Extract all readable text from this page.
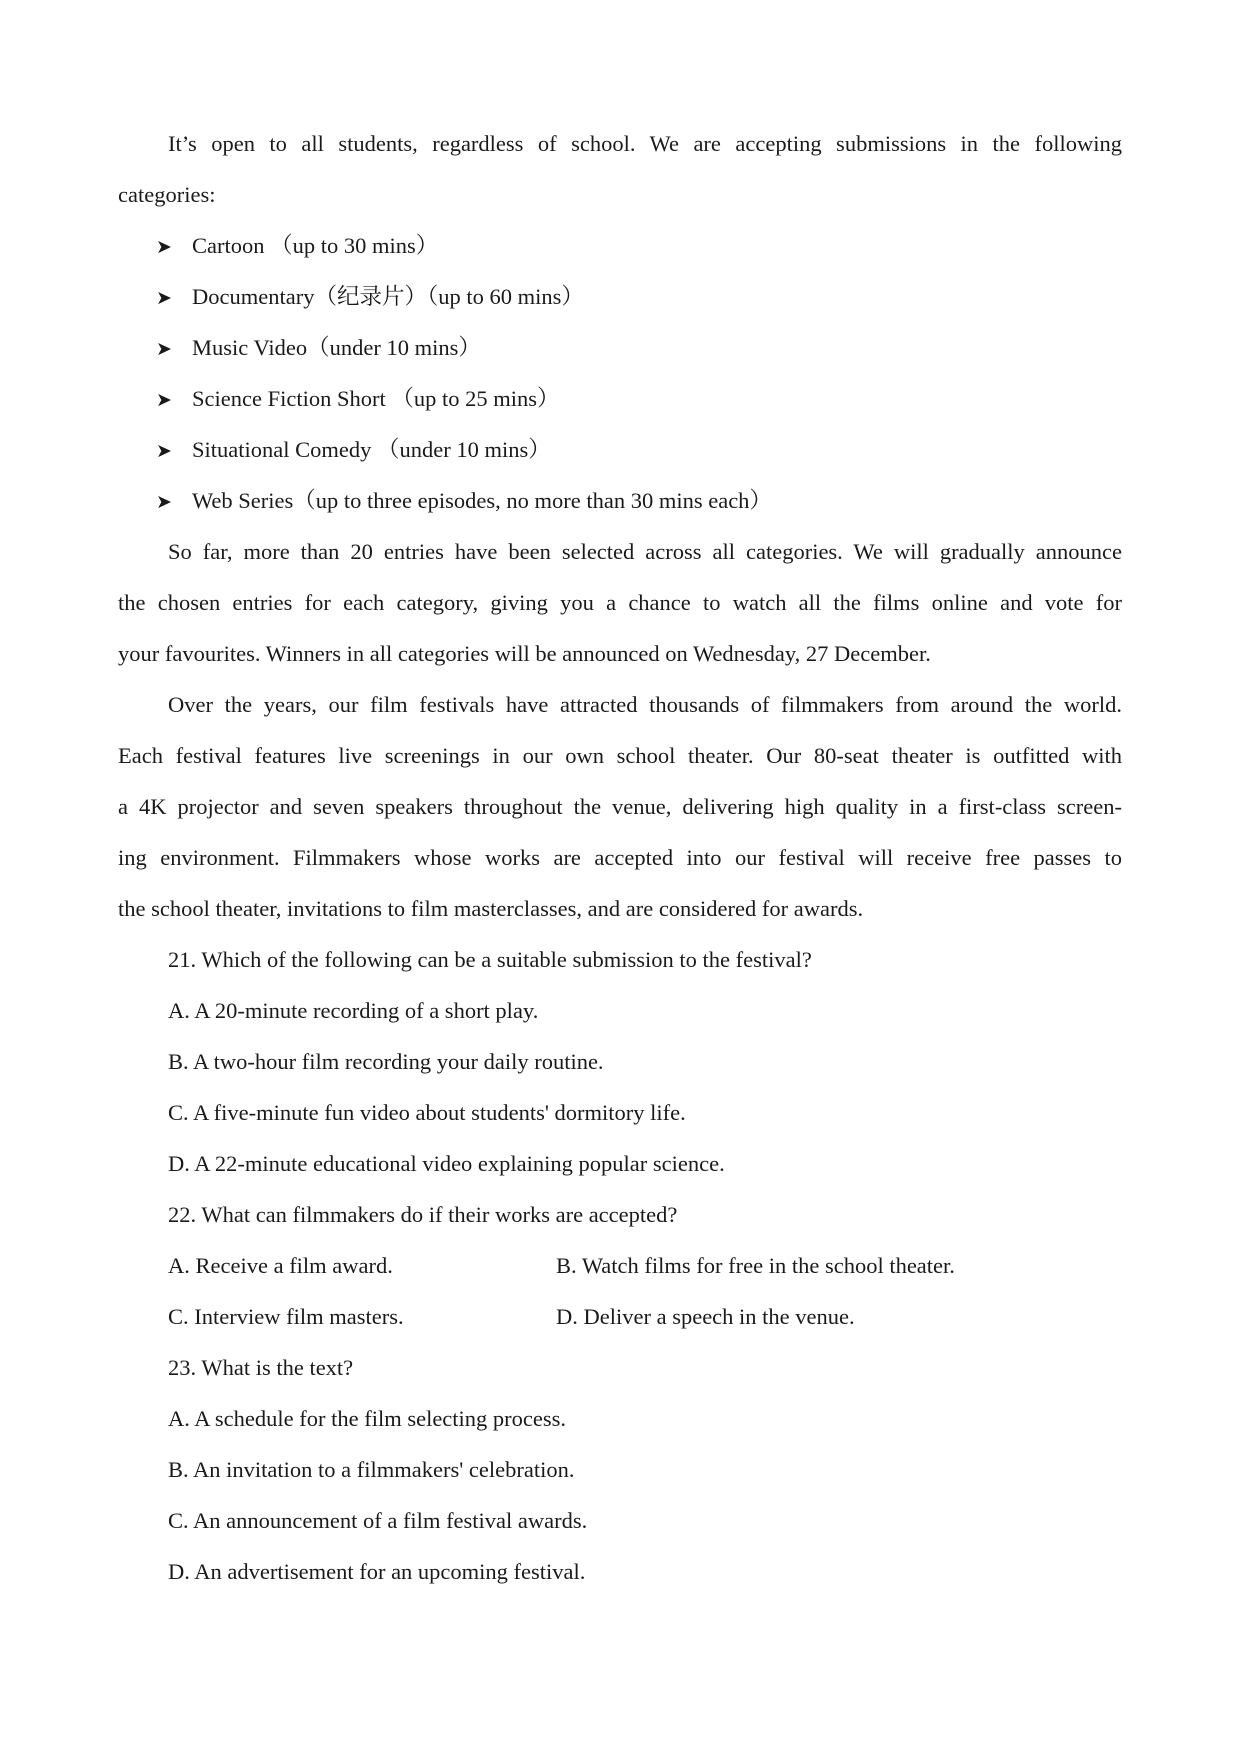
It’s open to all students, regardless of school. We are accepting submissions in the following
categories:
➤ Cartoon （up to 30 mins）
➤ Documentary（纪录片）（up to 60 mins）
➤ Music Video（under 10 mins）
➤ Science Fiction Short （up to 25 mins）
➤ Situational Comedy （under 10 mins）
➤ Web Series（up to three episodes, no more than 30 mins each）
So far, more than 20 entries have been selected across all categories. We will gradually announce
the chosen entries for each category, giving you a chance to watch all the films online and vote for
your favourites. Winners in all categories will be announced on Wednesday, 27 December.
Over the years, our film festivals have attracted thousands of filmmakers from around the world.
Each festival features live screenings in our own school theater. Our 80-seat theater is outfitted with
a 4K projector and seven speakers throughout the venue, delivering high quality in a first-class screen-
ing environment. Filmmakers whose works are accepted into our festival will receive free passes to
the school theater, invitations to film masterclasses, and are considered for awards.
21. Which of the following can be a suitable submission to the festival?
A. A 20-minute recording of a short play.
B. A two-hour film recording your daily routine.
C. A five-minute fun video about students' dormitory life.
D. A 22-minute educational video explaining popular science.
22. What can filmmakers do if their works are accepted?
A. Receive a film award.	B. Watch films for free in the school theater.
C. Interview film masters.	D. Deliver a speech in the venue.
23. What is the text?
A. A schedule for the film selecting process.
B. An invitation to a filmmakers' celebration.
C. An announcement of a film festival awards.
D. An advertisement for an upcoming festival.
